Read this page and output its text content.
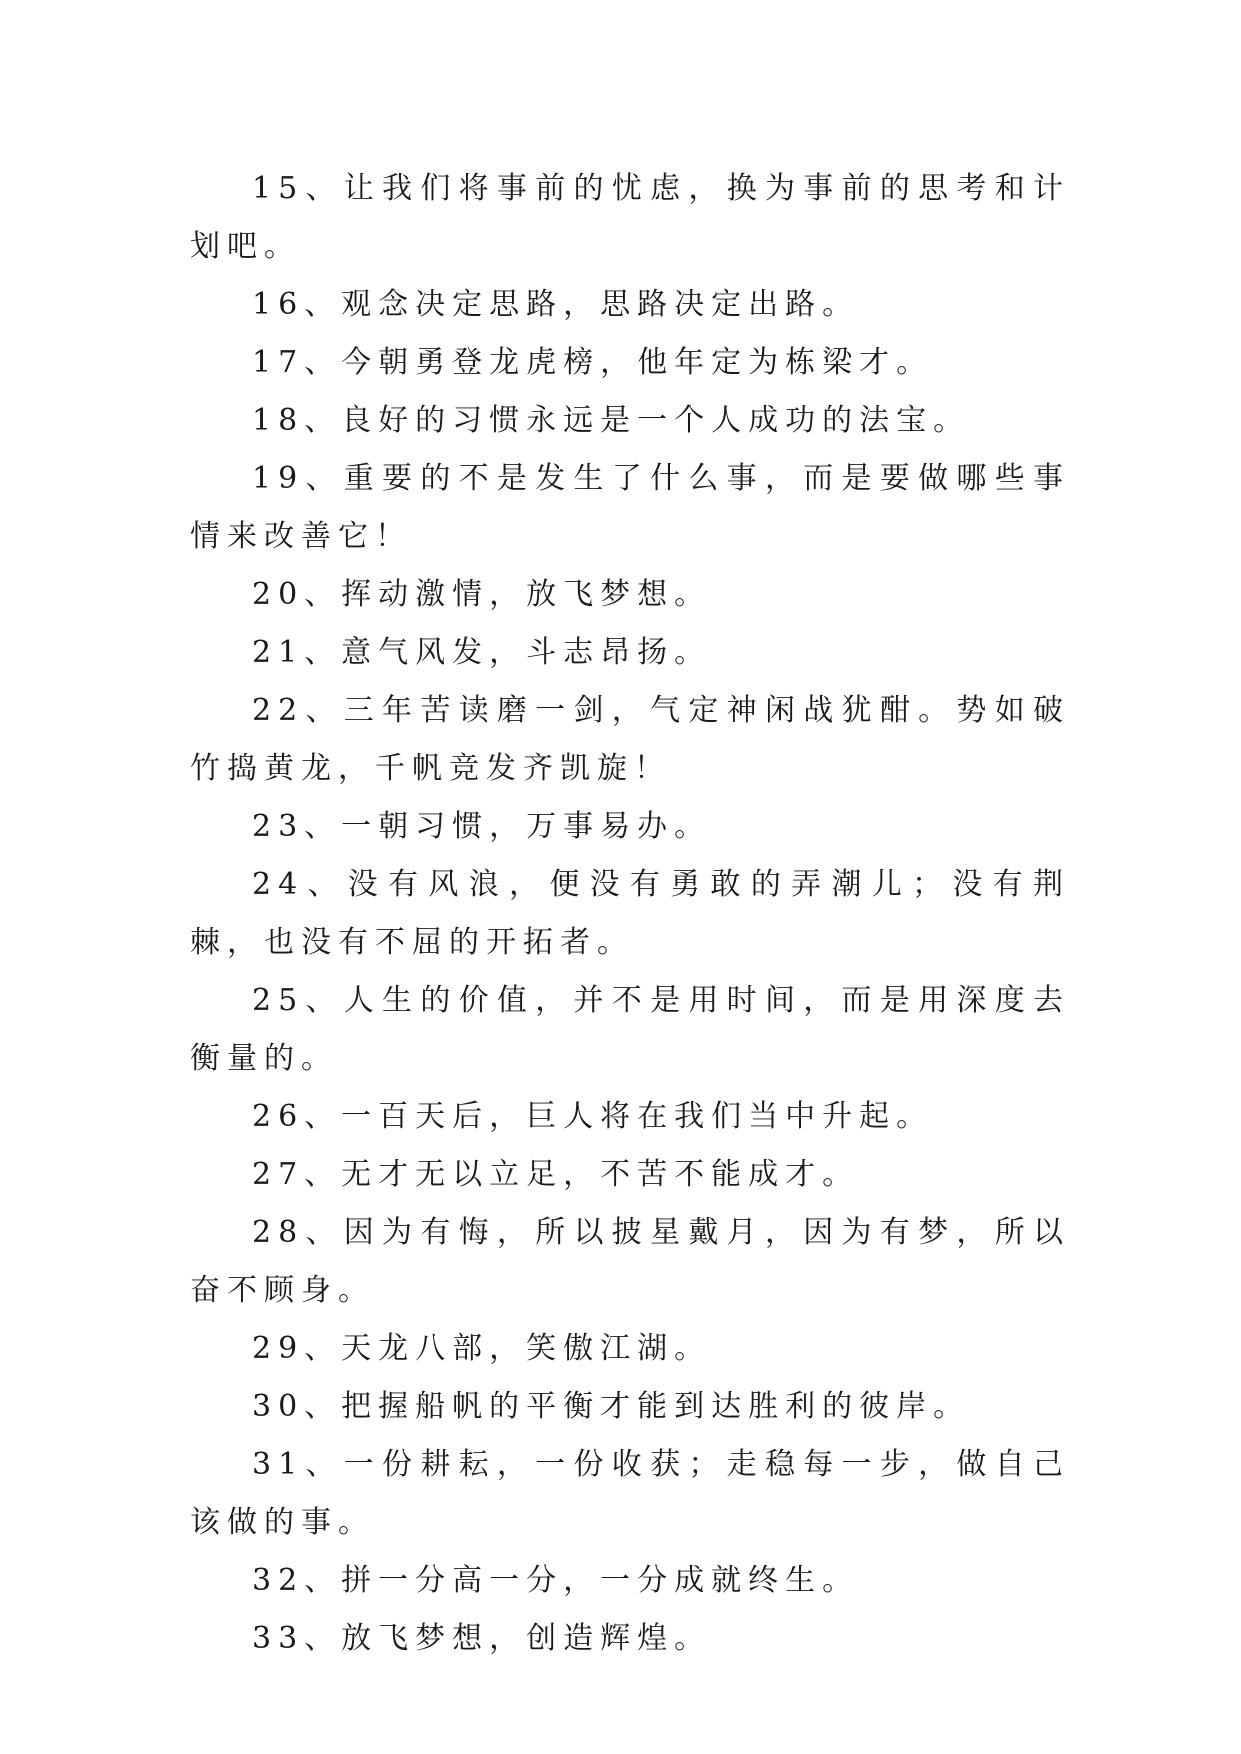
15、让我们将事前的忧虑，换为事前的思考和计划吧。

16、观念决定思路，思路决定出路。

17、今朝勇登龙虎榜，他年定为栋梁才。

18、良好的习惯永远是一个人成功的法宝。

19、重要的不是发生了什么事，而是要做哪些事情来改善它！

20、挥动激情，放飞梦想。

21、意气风发，斗志昂扬。

22、三年苦读磨一剑，气定神闲战犹酣。势如破竹捣黄龙，千帆竞发齐凯旋！

23、一朝习惯，万事易办。

24、没有风浪，便没有勇敢的弄潮儿；没有荆棘，也没有不屈的开拓者。

25、人生的价值，并不是用时间，而是用深度去衡量的。

26、一百天后，巨人将在我们当中升起。

27、无才无以立足，不苦不能成才。

28、因为有悔，所以披星戴月，因为有梦，所以奋不顾身。

29、天龙八部，笑傲江湖。

30、把握船帆的平衡才能到达胜利的彼岸。

31、一份耕耘，一份收获；走稳每一步，做自己该做的事。

32、拼一分高一分，一分成就终生。

33、放飞梦想，创造辉煌。
